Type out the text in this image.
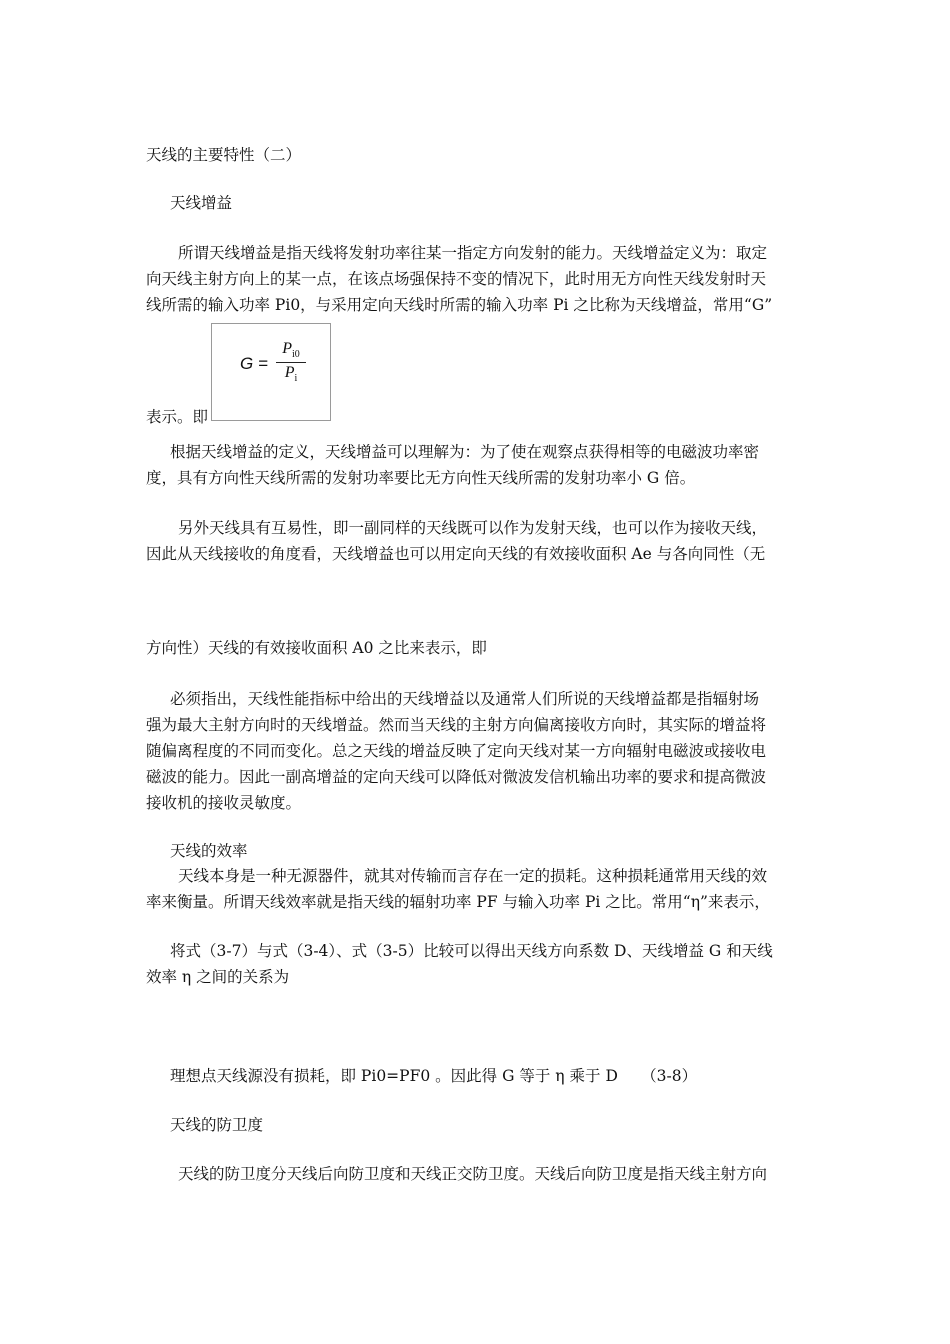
天线的主要特性（二）
天线增益
所谓天线增益是指天线将发射功率往某一指定方向发射的能力。天线增益定义为：取定
向天线主射方向上的某一点，在该点场强保持不变的情况下，此时用无方向性天线发射时天
线所需的输入功率 Pi0，与采用定向天线时所需的输入功率 Pi 之比称为天线增益，常用“G”
表示。即
G =
$P_{i0}$
$P_i$
根据天线增益的定义，天线增益可以理解为：为了使在观察点获得相等的电磁波功率密
度，具有方向性天线所需的发射功率要比无方向性天线所需的发射功率小 G 倍。
另外天线具有互易性，即一副同样的天线既可以作为发射天线，也可以作为接收天线，
因此从天线接收的角度看，天线增益也可以用定向天线的有效接收面积 Ae 与各向同性（无
方向性）天线的有效接收面积 A0 之比来表示，即
必须指出，天线性能指标中给出的天线增益以及通常人们所说的天线增益都是指辐射场
强为最大主射方向时的天线增益。然而当天线的主射方向偏离接收方向时，其实际的增益将
随偏离程度的不同而变化。总之天线的增益反映了定向天线对某一方向辐射电磁波或接收电
磁波的能力。因此一副高增益的定向天线可以降低对微波发信机输出功率的要求和提高微波
接收机的接收灵敏度。
天线的效率
天线本身是一种无源器件，就其对传输而言存在一定的损耗。这种损耗通常用天线的效
率来衡量。所谓天线效率就是指天线的辐射功率 PF 与输入功率 Pi 之比。常用“η”来表示，
将式（3-7）与式（3-4）、式（3-5）比较可以得出天线方向系数 D、天线增益 G 和天线
效率 η 之间的关系为
理想点天线源没有损耗，即 Pi0=PF0 。因此得 G 等于 η 乘于 D　　（3-8）
天线的防卫度
天线的防卫度分天线后向防卫度和天线正交防卫度。天线后向防卫度是指天线主射方向
